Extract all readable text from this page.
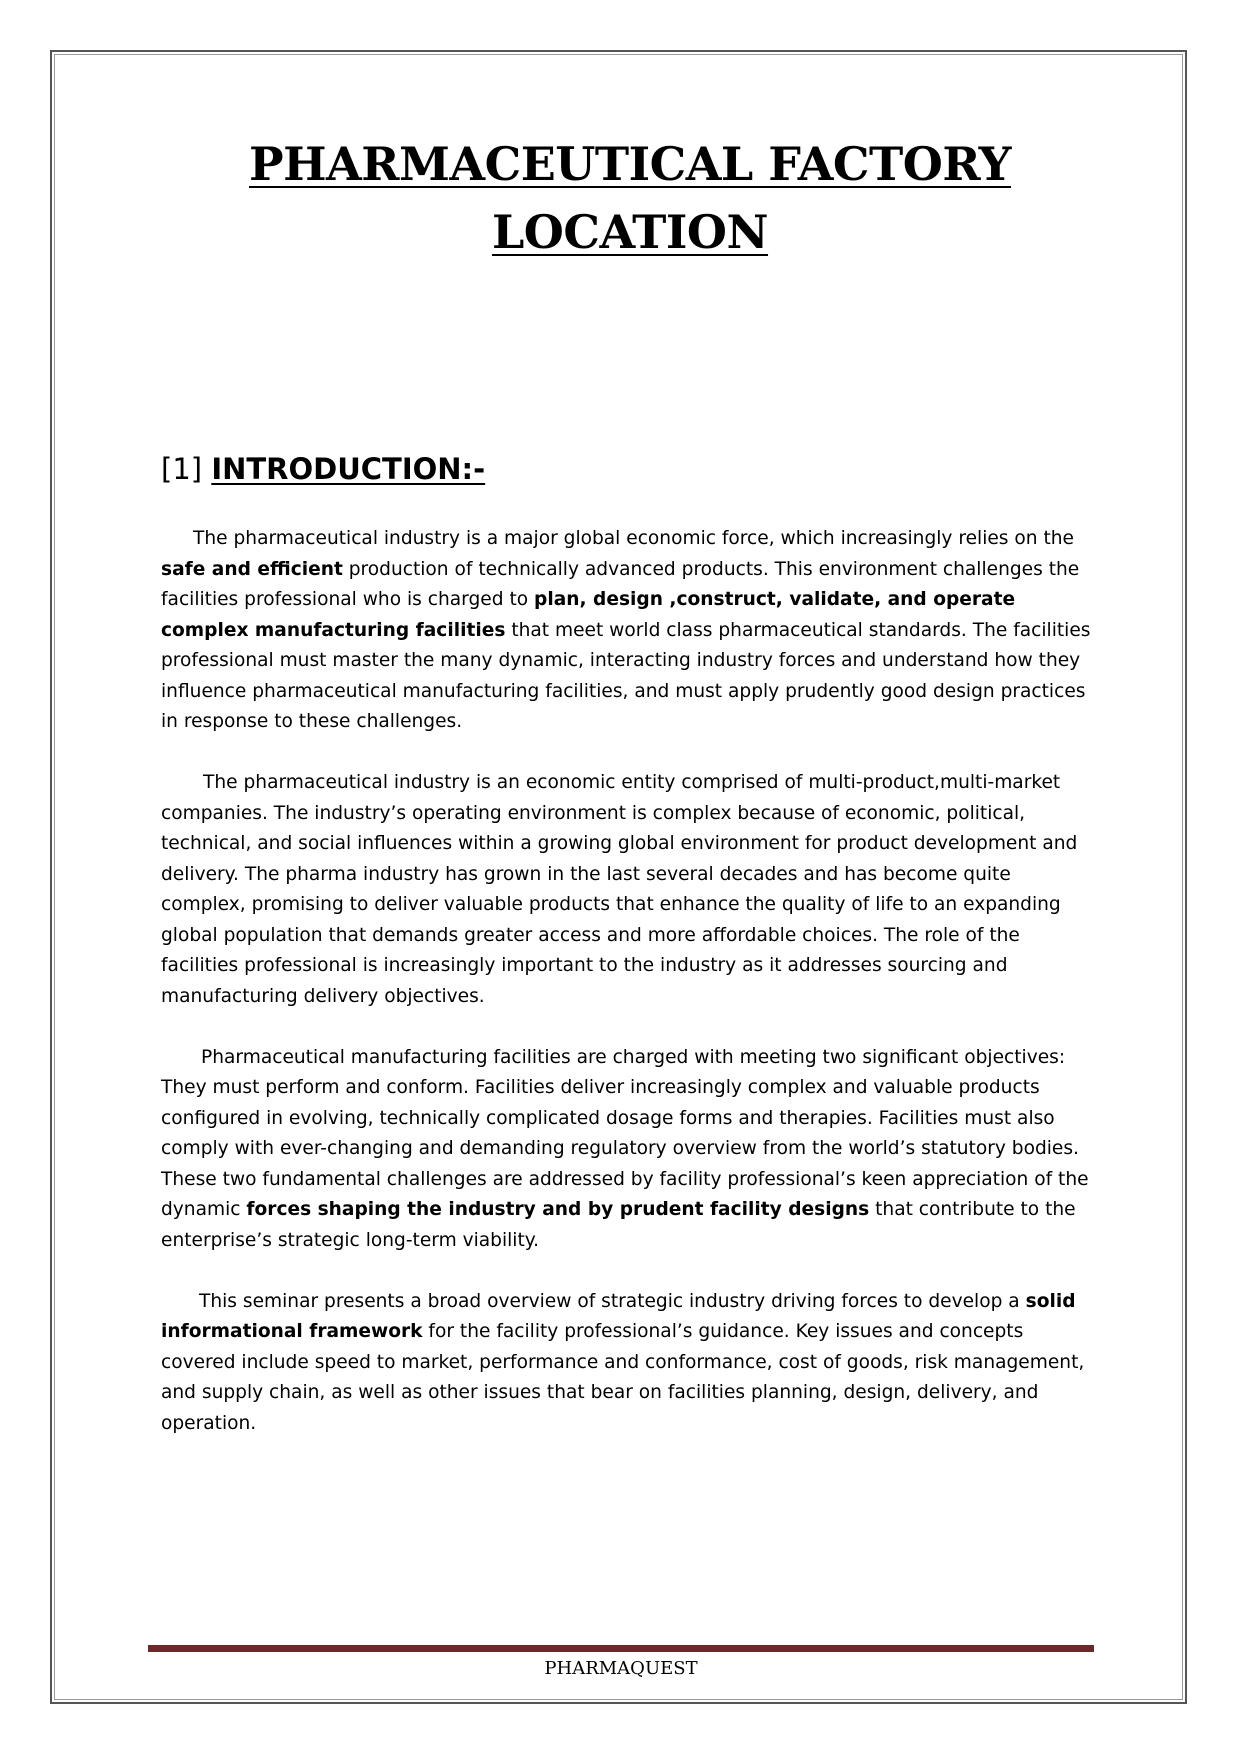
PHARMACEUTICAL FACTORY
LOCATION
[1] INTRODUCTION:-

The pharmaceutical industry is a major global economic force, which increasingly relies on the safe and efficient production of technically advanced products. This environment challenges the facilities professional who is charged to plan, design ,construct, validate, and operate complex manufacturing facilities that meet world class pharmaceutical standards. The facilities professional must master the many dynamic, interacting industry forces and understand how they influence pharmaceutical manufacturing facilities, and must apply prudently good design practices in response to these challenges.

The pharmaceutical industry is an economic entity comprised of multi-product,multi-market companies. The industry’s operating environment is complex because of economic, political, technical, and social influences within a growing global environment for product development and delivery. The pharma industry has grown in the last several decades and has become quite complex, promising to deliver valuable products that enhance the quality of life to an expanding global population that demands greater access and more affordable choices. The role of the facilities professional is increasingly important to the industry as it addresses sourcing and manufacturing delivery objectives.

Pharmaceutical manufacturing facilities are charged with meeting two significant objectives: They must perform and conform. Facilities deliver increasingly complex and valuable products configured in evolving, technically complicated dosage forms and therapies. Facilities must also comply with ever-changing and demanding regulatory overview from the world’s statutory bodies. These two fundamental challenges are addressed by facility professional’s keen appreciation of the dynamic forces shaping the industry and by prudent facility designs that contribute to the enterprise’s strategic long-term viability.

This seminar presents a broad overview of strategic industry driving forces to develop a solid informational framework for the facility professional’s guidance. Key issues and concepts covered include speed to market, performance and conformance, cost of goods, risk management, and supply chain, as well as other issues that bear on facilities planning, design, delivery, and operation.

PHARMAQUEST
